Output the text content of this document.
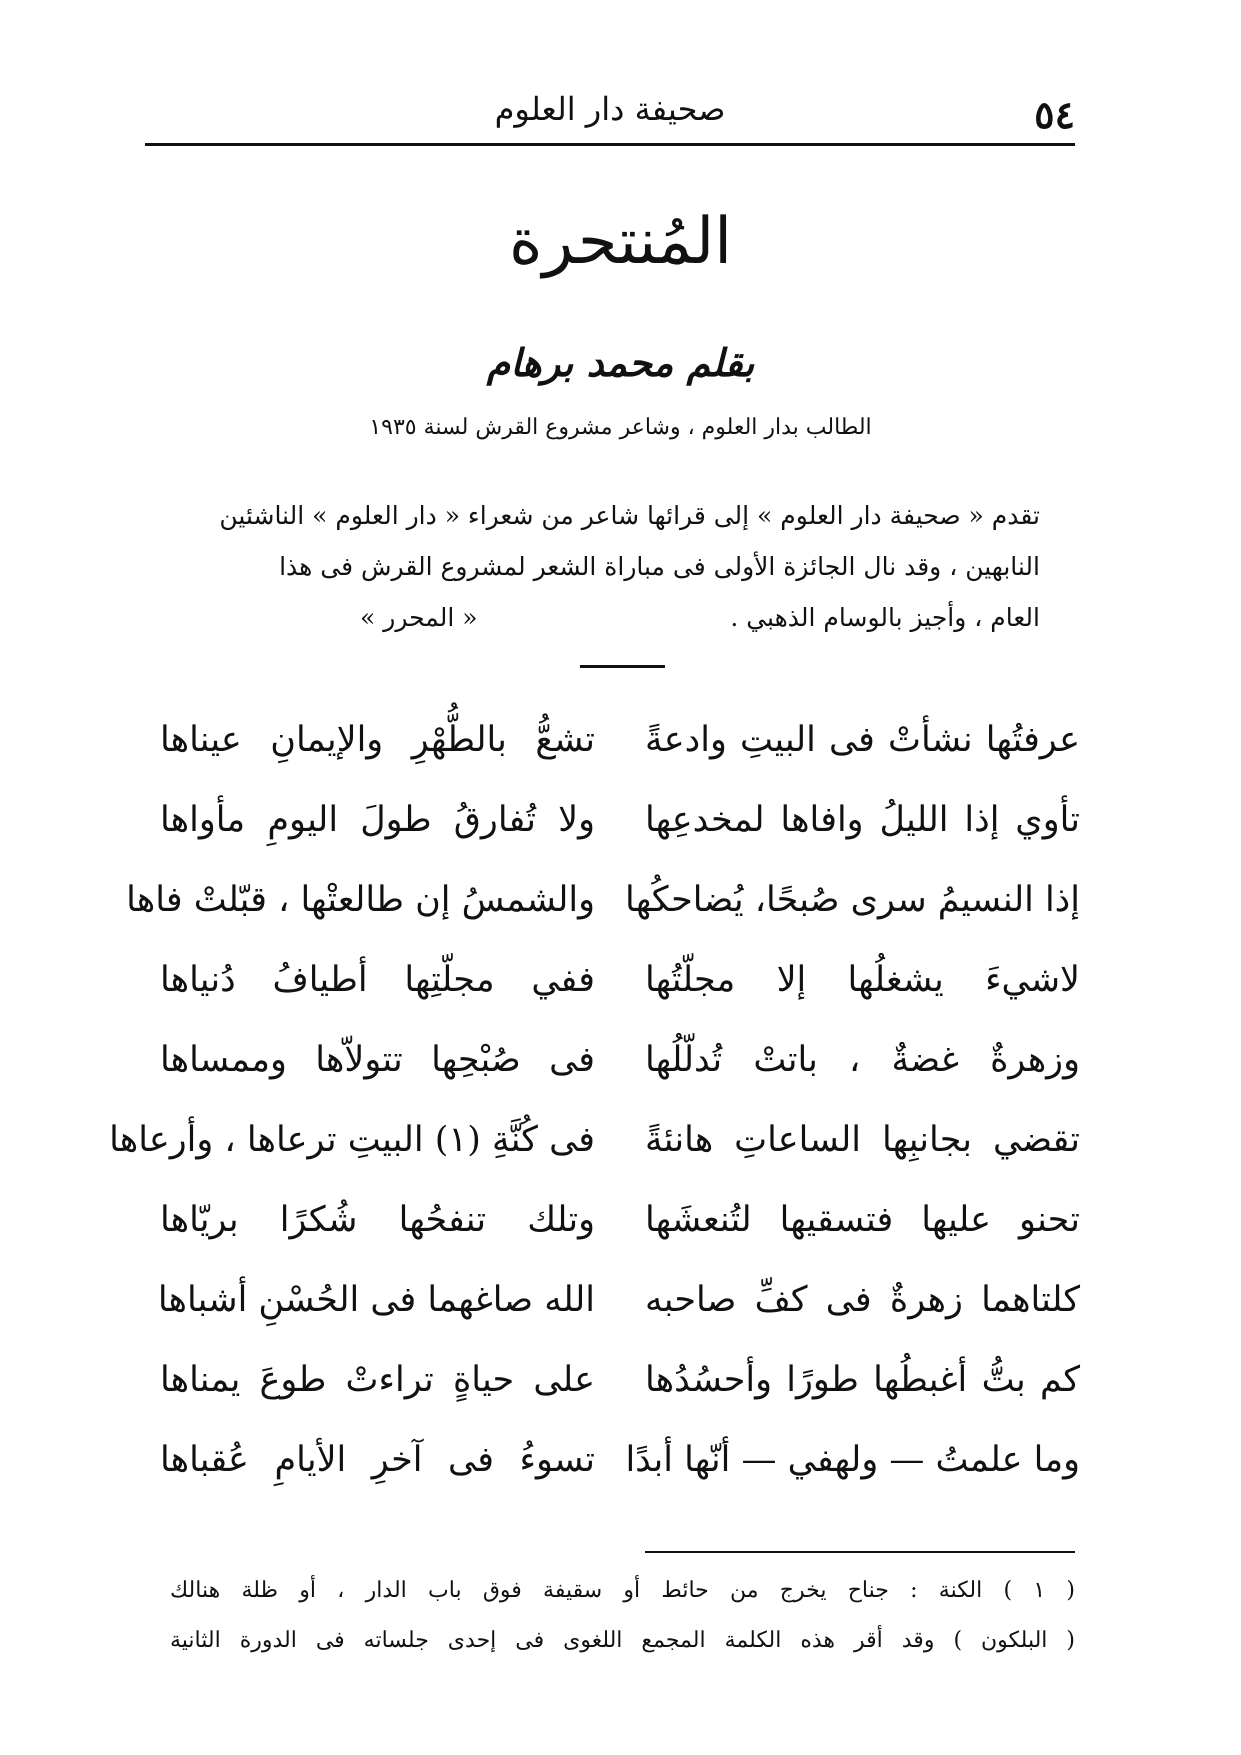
٥٤
صحيفة دار العلوم
المُنتحرة
بقلم محمد برهام
الطالب بدار العلوم ، وشاعر مشروع القرش لسنة ١٩٣٥
تقدم « صحيفة دار العلوم » إلى قرائها شاعر من شعراء « دار العلوم » الناشئين
النابهين ، وقد نال الجائزة الأولى فى مباراة الشعر لمشروع القرش فى هذا
العام ، وأجيز بالوسام الذهبي .
« المحرر »
عرفتُها نشأتْ فى البيتِ وادعةً
تشعُّ بالطُّهْرِ والإيمانِ عيناها
تأوي إذا الليلُ وافاها لمخدعِها
ولا تُفارقُ طولَ اليومِ مأواها
إذا النسيمُ سرى صُبحًا، يُضاحكُها
والشمسُ إن طالعتْها ، قبّلتْ فاها
لاشيءَ يشغلُها إلا مجلّتُها
ففي مجلّتِها أطيافُ دُنياها
وزهرةٌ غضةٌ ، باتتْ تُدلّلُها
فى صُبْحِها تتولاّها وممساها
تقضي بجانبِها الساعاتِ هانئةً
فى كُنَّةِ (١) البيتِ ترعاها ، وأرعاها
تحنو عليها فتسقيها لتُنعشَها
وتلك تنفحُها شُكرًا بريّاها
كلتاهما زهرةٌ فى كفِّ صاحبه
الله صاغهما فى الحُسْنِ أشباها
كم بتُّ أغبطُها طورًا وأحسُدُها
على حياةٍ تراءتْ طوعَ يمناها
وما علمتُ — ولهفي — أنّها أبدًا
تسوءُ فى آخرِ الأيامِ عُقباها
( ١ ) الكنة : جناح يخرج من حائط أو سقيفة فوق باب الدار ، أو ظلة هنالك
( البلكون ) وقد أقر هذه الكلمة المجمع اللغوى فى إحدى جلساته فى الدورة الثانية
